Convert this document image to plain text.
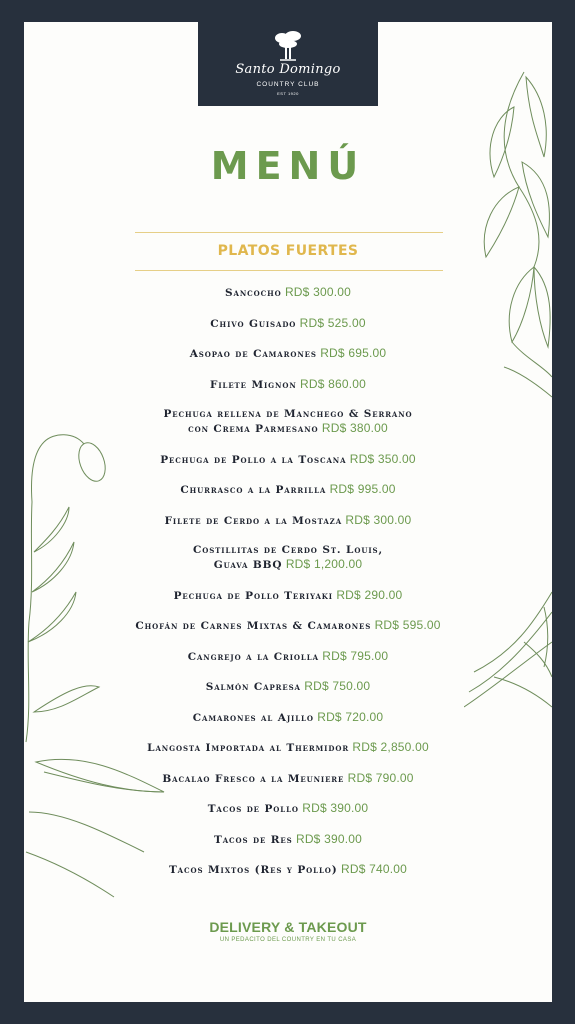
Santo Domingo
COUNTRY CLUB
EST 1920
MENÚ
PLATOS FUERTES
Sancocho RD$ 300.00
Chivo Guisado RD$ 525.00
Asopao de Camarones RD$ 695.00
Filete Mignon RD$ 860.00
Pechuga rellena de Manchego & Serrano
con Crema Parmesano RD$ 380.00
Pechuga de Pollo a la Toscana RD$ 350.00
Churrasco a la Parrilla RD$ 995.00
Filete de Cerdo a la Mostaza RD$ 300.00
Costillitas de Cerdo St. Louis,
Guava BBQ RD$ 1,200.00
Pechuga de Pollo Teriyaki RD$ 290.00
Chofán de Carnes Mixtas & Camarones RD$ 595.00
Cangrejo a la Criolla RD$ 795.00
Salmón Capresa RD$ 750.00
Camarones al Ajillo RD$ 720.00
Langosta Importada al Thermidor RD$ 2,850.00
Bacalao Fresco a la Meuniere RD$ 790.00
Tacos de Pollo RD$ 390.00
Tacos de Res RD$ 390.00
Tacos Mixtos (Res y Pollo) RD$ 740.00
DELIVERY & TAKEOUT
UN PEDACITO DEL COUNTRY EN TU CASA
